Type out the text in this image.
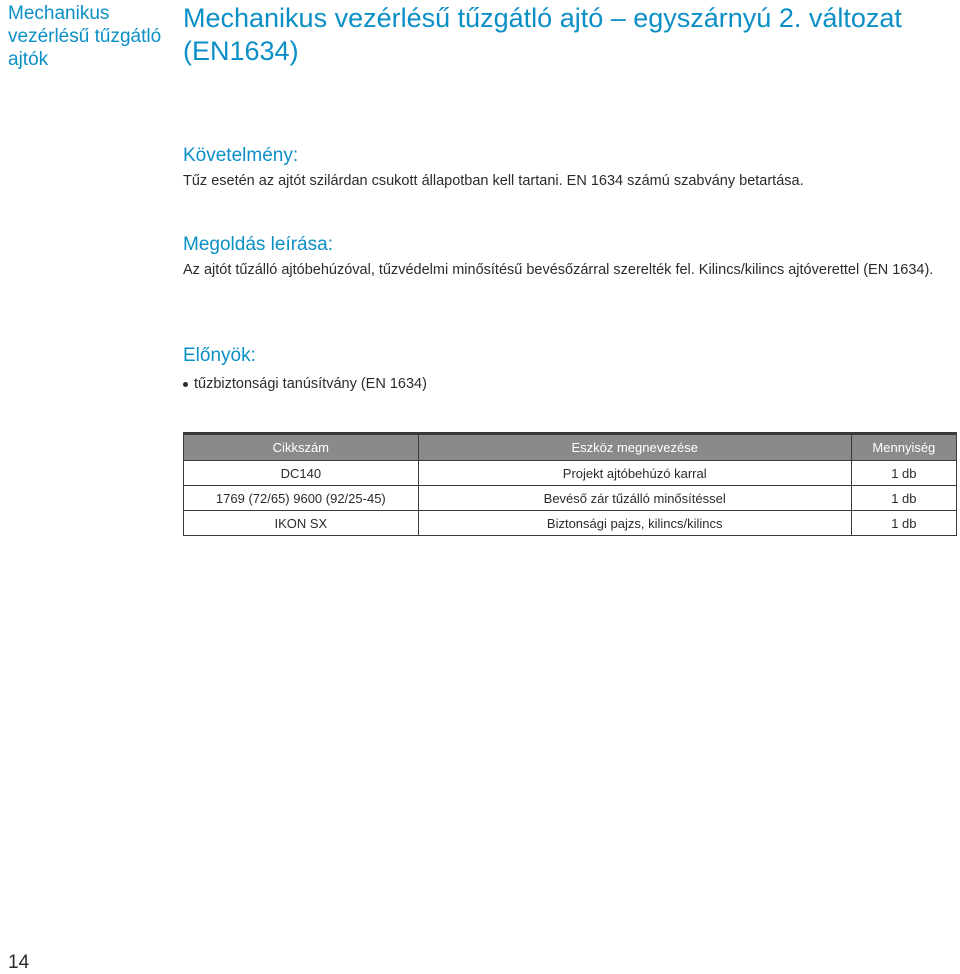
Mechanikus vezérlésű tűzgátló ajtók
Mechanikus vezérlésű tűzgátló ajtó – egyszárnyú 2. változat (EN1634)
Követelmény:
Tűz esetén az ajtót szilárdan csukott állapotban kell tartani. EN 1634 számú szabvány betartása.
Megoldás leírása:
Az ajtót tűzálló ajtóbehúzóval, tűzvédelmi minősítésű bevésőzárral szerelték fel. Kilincs/kilincs ajtóverettel (EN 1634).
Előnyök:
tűzbiztonsági tanúsítvány (EN 1634)
Cikkszám	Eszköz megnevezése	Mennyiség
DC140	Projekt ajtóbehúzó karral	1 db
1769 (72/65) 9600 (92/25-45)	Bevéső zár tűzálló minősítéssel	1 db
IKON SX	Biztonsági pajzs, kilincs/kilincs	1 db
14
